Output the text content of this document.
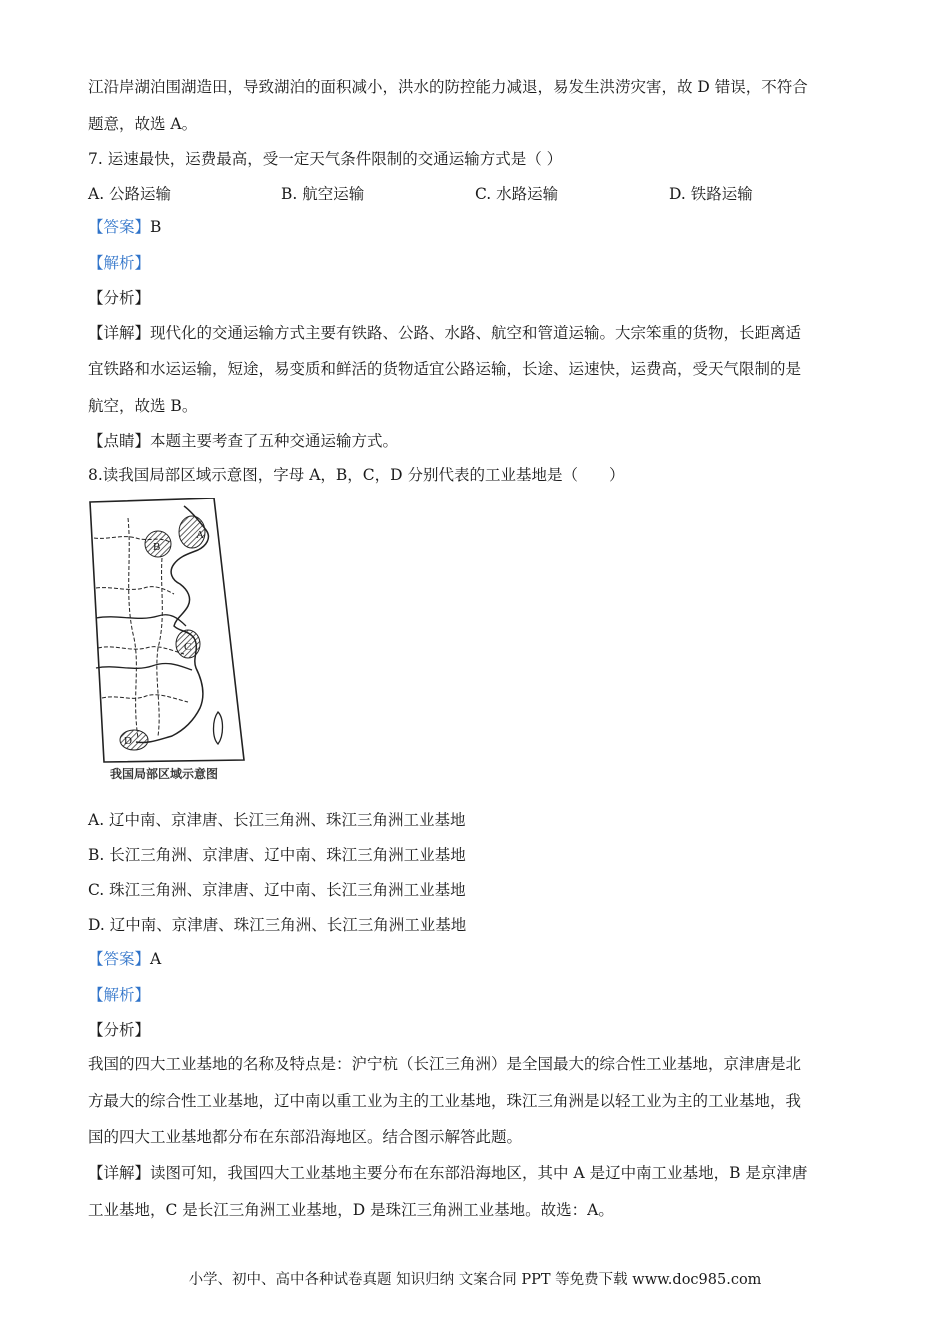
江沿岸湖泊围湖造田，导致湖泊的面积减小，洪水的防控能力减退，易发生洪涝灾害，故 D 错误，不符合
题意，故选 A。
7. 运速最快，运费最高，受一定天气条件限制的交通运输方式是（ ）
A. 公路运输	B. 航空运输	C. 水路运输	D. 铁路运输
【答案】B
【解析】
【分析】
【详解】现代化的交通运输方式主要有铁路、公路、水路、航空和管道运输。大宗笨重的货物，长距离适
宜铁路和水运运输，短途，易变质和鲜活的货物适宜公路运输，长途、运速快，运费高，受天气限制的是
航空，故选 B。
【点睛】本题主要考查了五种交通运输方式。
8.读我国局部区域示意图，字母 A，B，C，D 分别代表的工业基地是（　　）
A
B
C
D
我国局部区域示意图
A. 辽中南、京津唐、长江三角洲、珠江三角洲工业基地
B. 长江三角洲、京津唐、辽中南、珠江三角洲工业基地
C. 珠江三角洲、京津唐、辽中南、长江三角洲工业基地
D. 辽中南、京津唐、珠江三角洲、长江三角洲工业基地
【答案】A
【解析】
【分析】
我国的四大工业基地的名称及特点是：沪宁杭（长江三角洲）是全国最大的综合性工业基地，京津唐是北
方最大的综合性工业基地，辽中南以重工业为主的工业基地，珠江三角洲是以轻工业为主的工业基地，我
国的四大工业基地都分布在东部沿海地区。结合图示解答此题。
【详解】读图可知，我国四大工业基地主要分布在东部沿海地区，其中 A 是辽中南工业基地，B 是京津唐
工业基地，C 是长江三角洲工业基地，D 是珠江三角洲工业基地。故选：A。
小学、初中、高中各种试卷真题 知识归纳 文案合同 PPT 等免费下载 www.doc985.com
